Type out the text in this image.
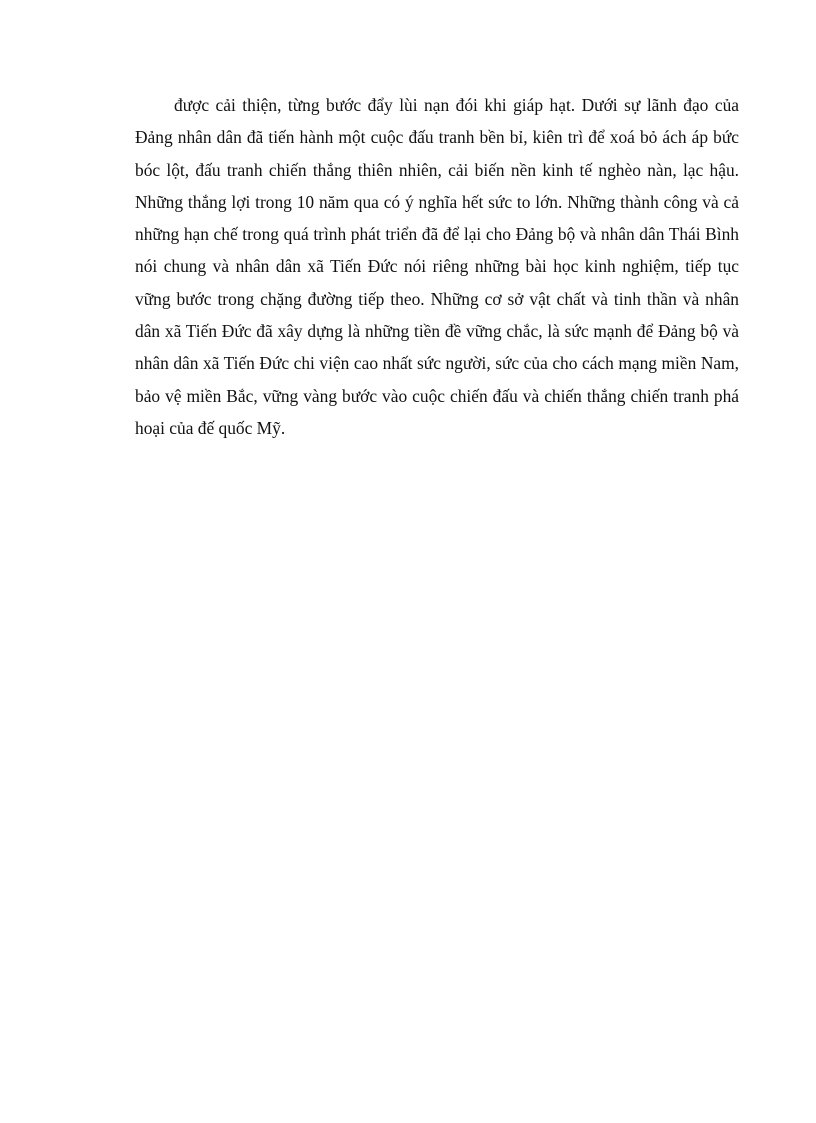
được cải thiện, từng bước đẩy lùi nạn đói khi giáp hạt. Dưới sự lãnh đạo của Đảng nhân dân đã tiến hành một cuộc đấu tranh bền bỉ, kiên trì để xoá bỏ ách áp bức bóc lột, đấu tranh chiến thắng thiên nhiên, cải biến nền kinh tế nghèo nàn, lạc hậu. Những thắng lợi trong 10 năm qua có ý nghĩa hết sức to lớn. Những thành công và cả những hạn chế trong quá trình phát triển đã để lại cho Đảng bộ và nhân dân Thái Bình nói chung và nhân dân xã Tiến Đức nói riêng những bài học kinh nghiệm, tiếp tục vững bước trong chặng đường tiếp theo. Những cơ sở vật chất và tinh thần và nhân dân xã Tiến Đức đã xây dựng là những tiền đề vững chắc, là sức mạnh để Đảng bộ và nhân dân xã Tiến Đức chi viện cao nhất sức người, sức của cho cách mạng miền Nam, bảo vệ miền Bắc, vững vàng bước vào cuộc chiến đấu và chiến thắng chiến tranh phá hoại của đế quốc Mỹ.
